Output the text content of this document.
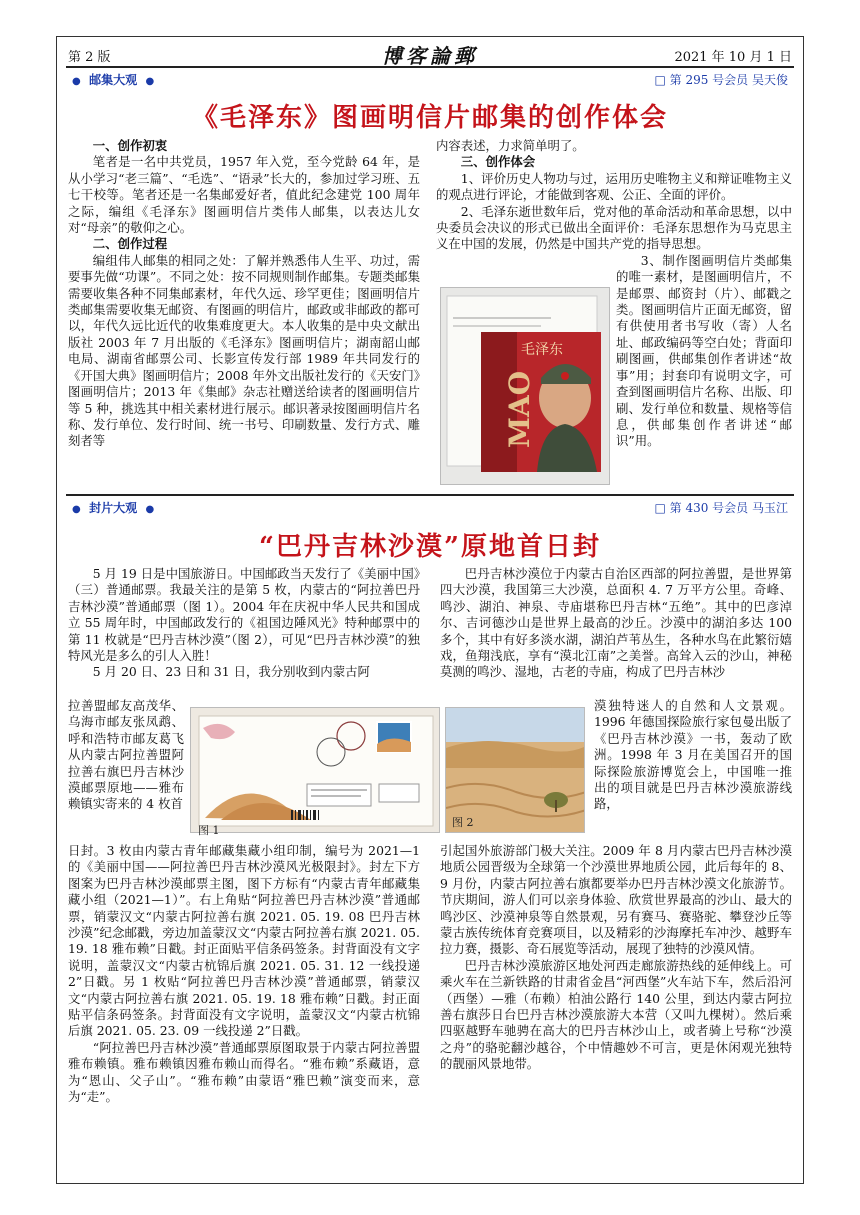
第 2 版	博客論郵	2021 年 10 月 1 日
● 邮集大观 ●	□ 第 295 号会员 吴天俊
《毛泽东》图画明信片邮集的创作体会

一、创作初衷

笔者是一名中共党员，1957 年入党，至今党龄 64 年，是从小学习“老三篇”、“毛选”、“语录”长大的，参加过学习班、五七干校等。笔者还是一名集邮爱好者，值此纪念建党 100 周年之际，编组《毛泽东》图画明信片类伟人邮集，以表达儿女对“母亲”的敬仰之心。

二、创作过程

编组伟人邮集的相同之处：了解并熟悉伟人生平、功过，需要事先做“功课”。不同之处：按不同规则制作邮集。专题类邮集需要收集各种不同集邮素材，年代久远、珍罕更佳；图画明信片类邮集需要收集无邮资、有图画的明信片，邮政或非邮政的都可以，年代久远比近代的收集难度更大。本人收集的是中央文献出版社 2003 年 7 月出版的《毛泽东》图画明信片；湖南韶山邮电局、湖南省邮票公司、长影宣传发行部 1989 年共同发行的《开国大典》图画明信片；2008 年外文出版社发行的《天安门》图画明信片；2013 年《集邮》杂志社赠送给读者的图画明信片等 5 种，挑选其中相关素材进行展示。邮识著录按图画明信片名称、发行单位、发行时间、统一书号、印刷数量、发行方式、雕刻者等

内容表述，力求简单明了。

三、创作体会

1、评价历史人物功与过，运用历史唯物主义和辩证唯物主义的观点进行评论，才能做到客观、公正、全面的评价。

2、毛泽东逝世数年后，党对他的革命活动和革命思想，以中央委员会决议的形式已做出全面评价：毛泽东思想作为马克思主义在中国的发展，仍然是中国共产党的指导思想。

3、制作图画明信片类邮集的唯一素材，是图画明信片，不是邮票、邮资封（片）、邮戳之类。图画明信片正面无邮资，留有供使用者书写收（寄）人名址、邮政编码等空白处；背面印刷图画，供邮集创作者讲述“故事”用；封套印有说明文字，可查到图画明信片名称、出版、印刷、发行单位和数量、规格等信息，供邮集创作者讲述“邮识”用。

MAO
毛泽东
● 封片大观 ●	□ 第 430 号会员 马玉江
“巴丹吉林沙漠”原地首日封

5 月 19 日是中国旅游日。中国邮政当天发行了《美丽中国》（三）普通邮票。我最关注的是第 5 枚，内蒙古的“阿拉善巴丹吉林沙漠”普通邮票（图 1）。2004 年在庆祝中华人民共和国成立 55 周年时，中国邮政发行的《祖国边陲风光》特种邮票中的第 11 枚就是“巴丹吉林沙漠”（图 2），可见“巴丹吉林沙漠”的独特风光是多么的引人入胜！

5 月 20 日、23 日和 31 日，我分别收到内蒙古阿

拉善盟邮友高茂华、乌海市邮友张凤鹉、呼和浩特市邮友葛飞从内蒙古阿拉善盟阿拉善右旗巴丹吉林沙漠邮票原地——雅布赖镇实寄来的 4 枚首

图 1
图 2

日封。3 枚由内蒙古青年邮藏集藏小组印制，编号为 2021—1 的《美丽中国——阿拉善巴丹吉林沙漠风光极限封》。封左下方图案为巴丹吉林沙漠邮票主图，图下方标有“内蒙古青年邮藏集藏小组（2021—1）”。右上角贴“阿拉善巴丹吉林沙漠”普通邮票，销蒙汉文“内蒙古阿拉善右旗 2021. 05. 19. 08 巴丹吉林沙漠”纪念邮戳，旁边加盖蒙汉文“内蒙古阿拉善右旗 2021. 05. 19. 18 雅布赖”日戳。封正面贴平信条码签条。封背面没有文字说明，盖蒙汉文“内蒙古杭锦后旗 2021. 05. 31. 12 一线投递 2”日戳。另 1 枚贴“阿拉善巴丹吉林沙漠”普通邮票，销蒙汉文“内蒙古阿拉善右旗 2021. 05. 19. 18 雅布赖”日戳。封正面贴平信条码签条。封背面没有文字说明，盖蒙汉文“内蒙古杭锦后旗 2021. 05. 23. 09 一线投递 2”日戳。

“阿拉善巴丹吉林沙漠”普通邮票原图取景于内蒙古阿拉善盟雅布赖镇。雅布赖镇因雅布赖山而得名。“雅布赖”系藏语，意为“恩山、父子山”。“雅布赖”由蒙语“雅巴赖”演变而来，意为“走”。

巴丹吉林沙漠位于内蒙古自治区西部的阿拉善盟，是世界第四大沙漠，我国第三大沙漠，总面积 4. 7 万平方公里。奇峰、鸣沙、湖泊、神泉、寺庙堪称巴丹吉林“五绝”。其中的巴彦淖尔、吉诃德沙山是世界上最高的沙丘。沙漠中的湖泊多达 100 多个，其中有好多淡水湖，湖泊芦苇丛生，各种水鸟在此繁衍嬉戏，鱼翔浅底，享有“漠北江南”之美誉。高耸入云的沙山，神秘莫测的鸣沙、湿地，古老的寺庙，构成了巴丹吉林沙

漠独特迷人的自然和人文景观。1996 年德国探险旅行家包曼出版了《巴丹吉林沙漠》一书，轰动了欧洲。1998 年 3 月在美国召开的国际探险旅游博览会上，中国唯一推出的项目就是巴丹吉林沙漠旅游线路，

引起国外旅游部门极大关注。2009 年 8 月内蒙古巴丹吉林沙漠地质公园晋级为全球第一个沙漠世界地质公园，此后每年的 8、9 月份，内蒙古阿拉善右旗都要举办巴丹吉林沙漠文化旅游节。节庆期间，游人们可以亲身体验、欣赏世界最高的沙山、最大的鸣沙区、沙漠神泉等自然景观，另有赛马、赛骆驼、攀登沙丘等蒙古族传统体育竞赛项目，以及精彩的沙海摩托车冲沙、越野车拉力赛，摄影、奇石展览等活动，展现了独特的沙漠风情。

巴丹吉林沙漠旅游区地处河西走廊旅游热线的延伸线上。可乘火车在兰新铁路的甘肃省金昌“河西堡”火车站下车，然后沿河（西堡）—雅（布赖）柏油公路行 140 公里，到达内蒙古阿拉善右旗莎日台巴丹吉林沙漠旅游大本营（又叫九棵树）。然后乘四驱越野车驰骋在高大的巴丹吉林沙山上，或者骑上号称“沙漠之舟”的骆驼翻沙越谷，个中情趣妙不可言，更是休闲观光独特的靓丽风景地带。
